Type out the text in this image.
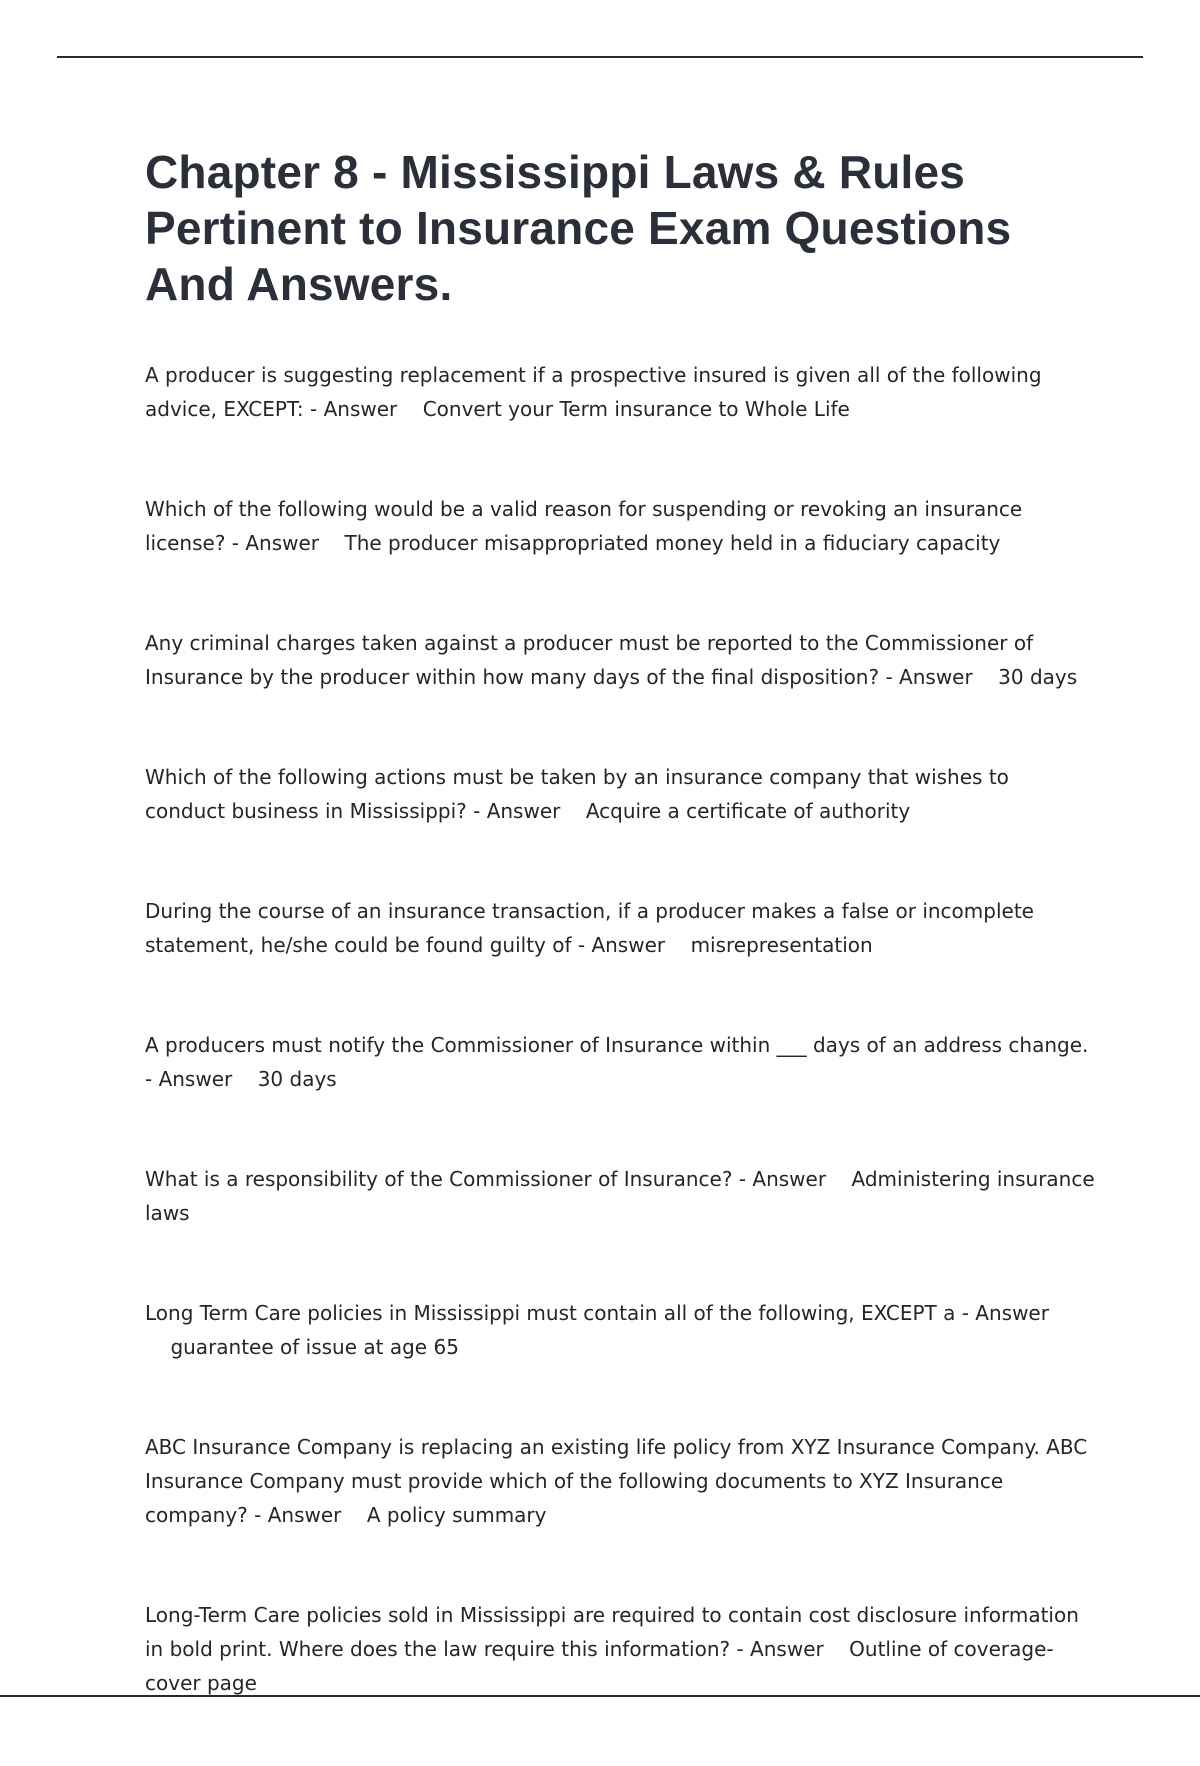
Chapter 8 - Mississippi Laws & Rules Pertinent to Insurance Exam Questions And Answers.

A producer is suggesting replacement if a prospective insured is given all of the following advice, EXCEPT: - Answer Convert your Term insurance to Whole Life

Which of the following would be a valid reason for suspending or revoking an insurance license? - Answer The producer misappropriated money held in a fiduciary capacity

Any criminal charges taken against a producer must be reported to the Commissioner of Insurance by the producer within how many days of the final disposition? - Answer 30 days

Which of the following actions must be taken by an insurance company that wishes to conduct business in Mississippi? - Answer Acquire a certificate of authority

During the course of an insurance transaction, if a producer makes a false or incomplete statement, he/she could be found guilty of - Answer misrepresentation

A producers must notify the Commissioner of Insurance within ___ days of an address change. - Answer 30 days

What is a responsibility of the Commissioner of Insurance? - Answer Administering insurance laws

Long Term Care policies in Mississippi must contain all of the following, EXCEPT a - Answer    guarantee of issue at age 65

ABC Insurance Company is replacing an existing life policy from XYZ Insurance Company. ABC Insurance Company must provide which of the following documents to XYZ Insurance company? - Answer A policy summary

Long-Term Care policies sold in Mississippi are required to contain cost disclosure information in bold print. Where does the law require this information? - Answer Outline of coverage- cover page
